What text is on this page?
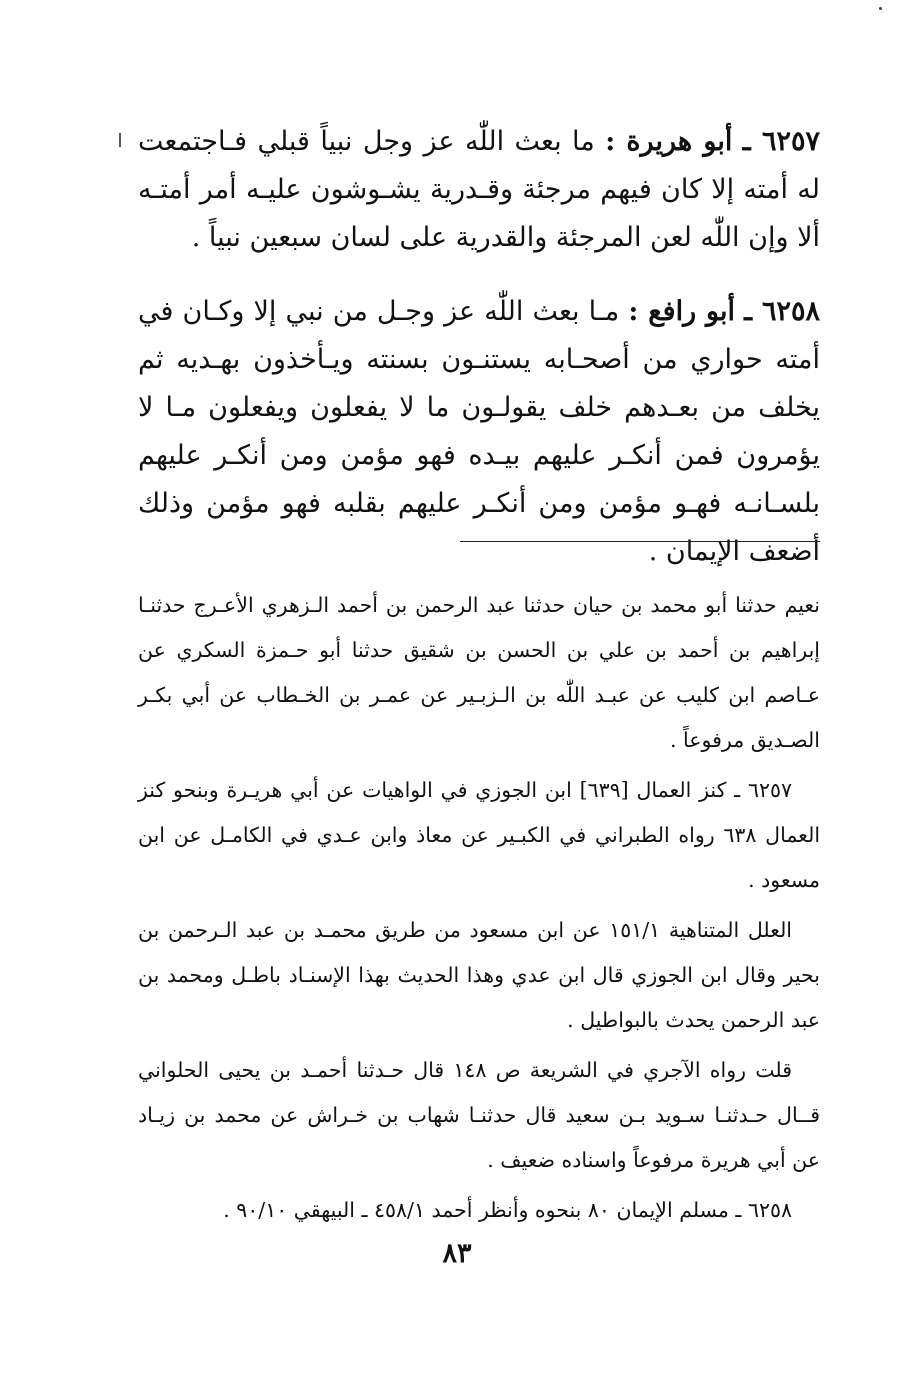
٦٢٥٧ ـ أبو هريرة : ما بعث اللّٰه عز وجل نبياً قبلي فـاجتمعت له أمته إلا كان فيهم مرجئة وقـدرية يشـوشون عليـه أمر أمتـه ألا وإن اللّٰه لعن المرجئة والقدرية على لسان سبعين نبياً .
٦٢٥٨ ـ أبو رافع : مـا بعث اللّٰه عز وجـل من نبي إلا وكـان في أمته حواري من أصحـابه يستنـون بسنته ويـأخذون بهـديه ثم يخلف من بعـدهم خلف يقولـون ما لا يفعلون ويفعلون مـا لا يؤمرون فمن أنكـر عليهم بيـده فهو مؤمن ومن أنكـر عليهم بلسـانـه فهـو مؤمن ومن أنكـر عليهم بقلبه فهو مؤمن وذلك أضعف الإيمان .
نعيم حدثنا أبو محمد بن حيان حدثنا عبد الرحمن بن أحمد الـزهري الأعـرج حدثنـا إبراهيم بن أحمد بن علي بن الحسن بن شقيق حدثنا أبو حـمزة السكري عن عـاصم ابن كليب عن عبـد اللّٰه بن الـزبـير عن عمـر بن الخـطاب عن أبي بكـر الصـديق مرفوعاً .
٦٢٥٧ ـ كنز العمال [٦٣٩] ابن الجوزي في الواهيات عن أبي هريـرة وبنحو كنز العمال ٦٣٨ رواه الطبراني في الكبـير عن معاذ وابن عـدي في الكامـل عن ابن مسعود .
العلل المتناهية ١٥١/١ عن ابن مسعود من طريق محمـد بن عبد الـرحمن بن بحير وقال ابن الجوزي قال ابن عدي وهذا الحديث بهذا الإسنـاد باطـل ومحمد بن عبد الرحمن يحدث بالبواطيل .
قلت رواه الآجري في الشريعة ص ١٤٨ قال حـدثنا أحمـد بن يحيى الحلواني قــال حـدثنـا سـويد بـن سعيد قال حدثنـا شهاب بن خـراش عن محمد بن زيـاد عن أبي هريرة مرفوعاً واسناده ضعيف .
٦٢٥٨ ـ مسلم الإيمان ٨٠ بنحوه وأنظر أحمد ٤٥٨/١ ـ البيهقي ٩٠/١٠ .
٨٣
